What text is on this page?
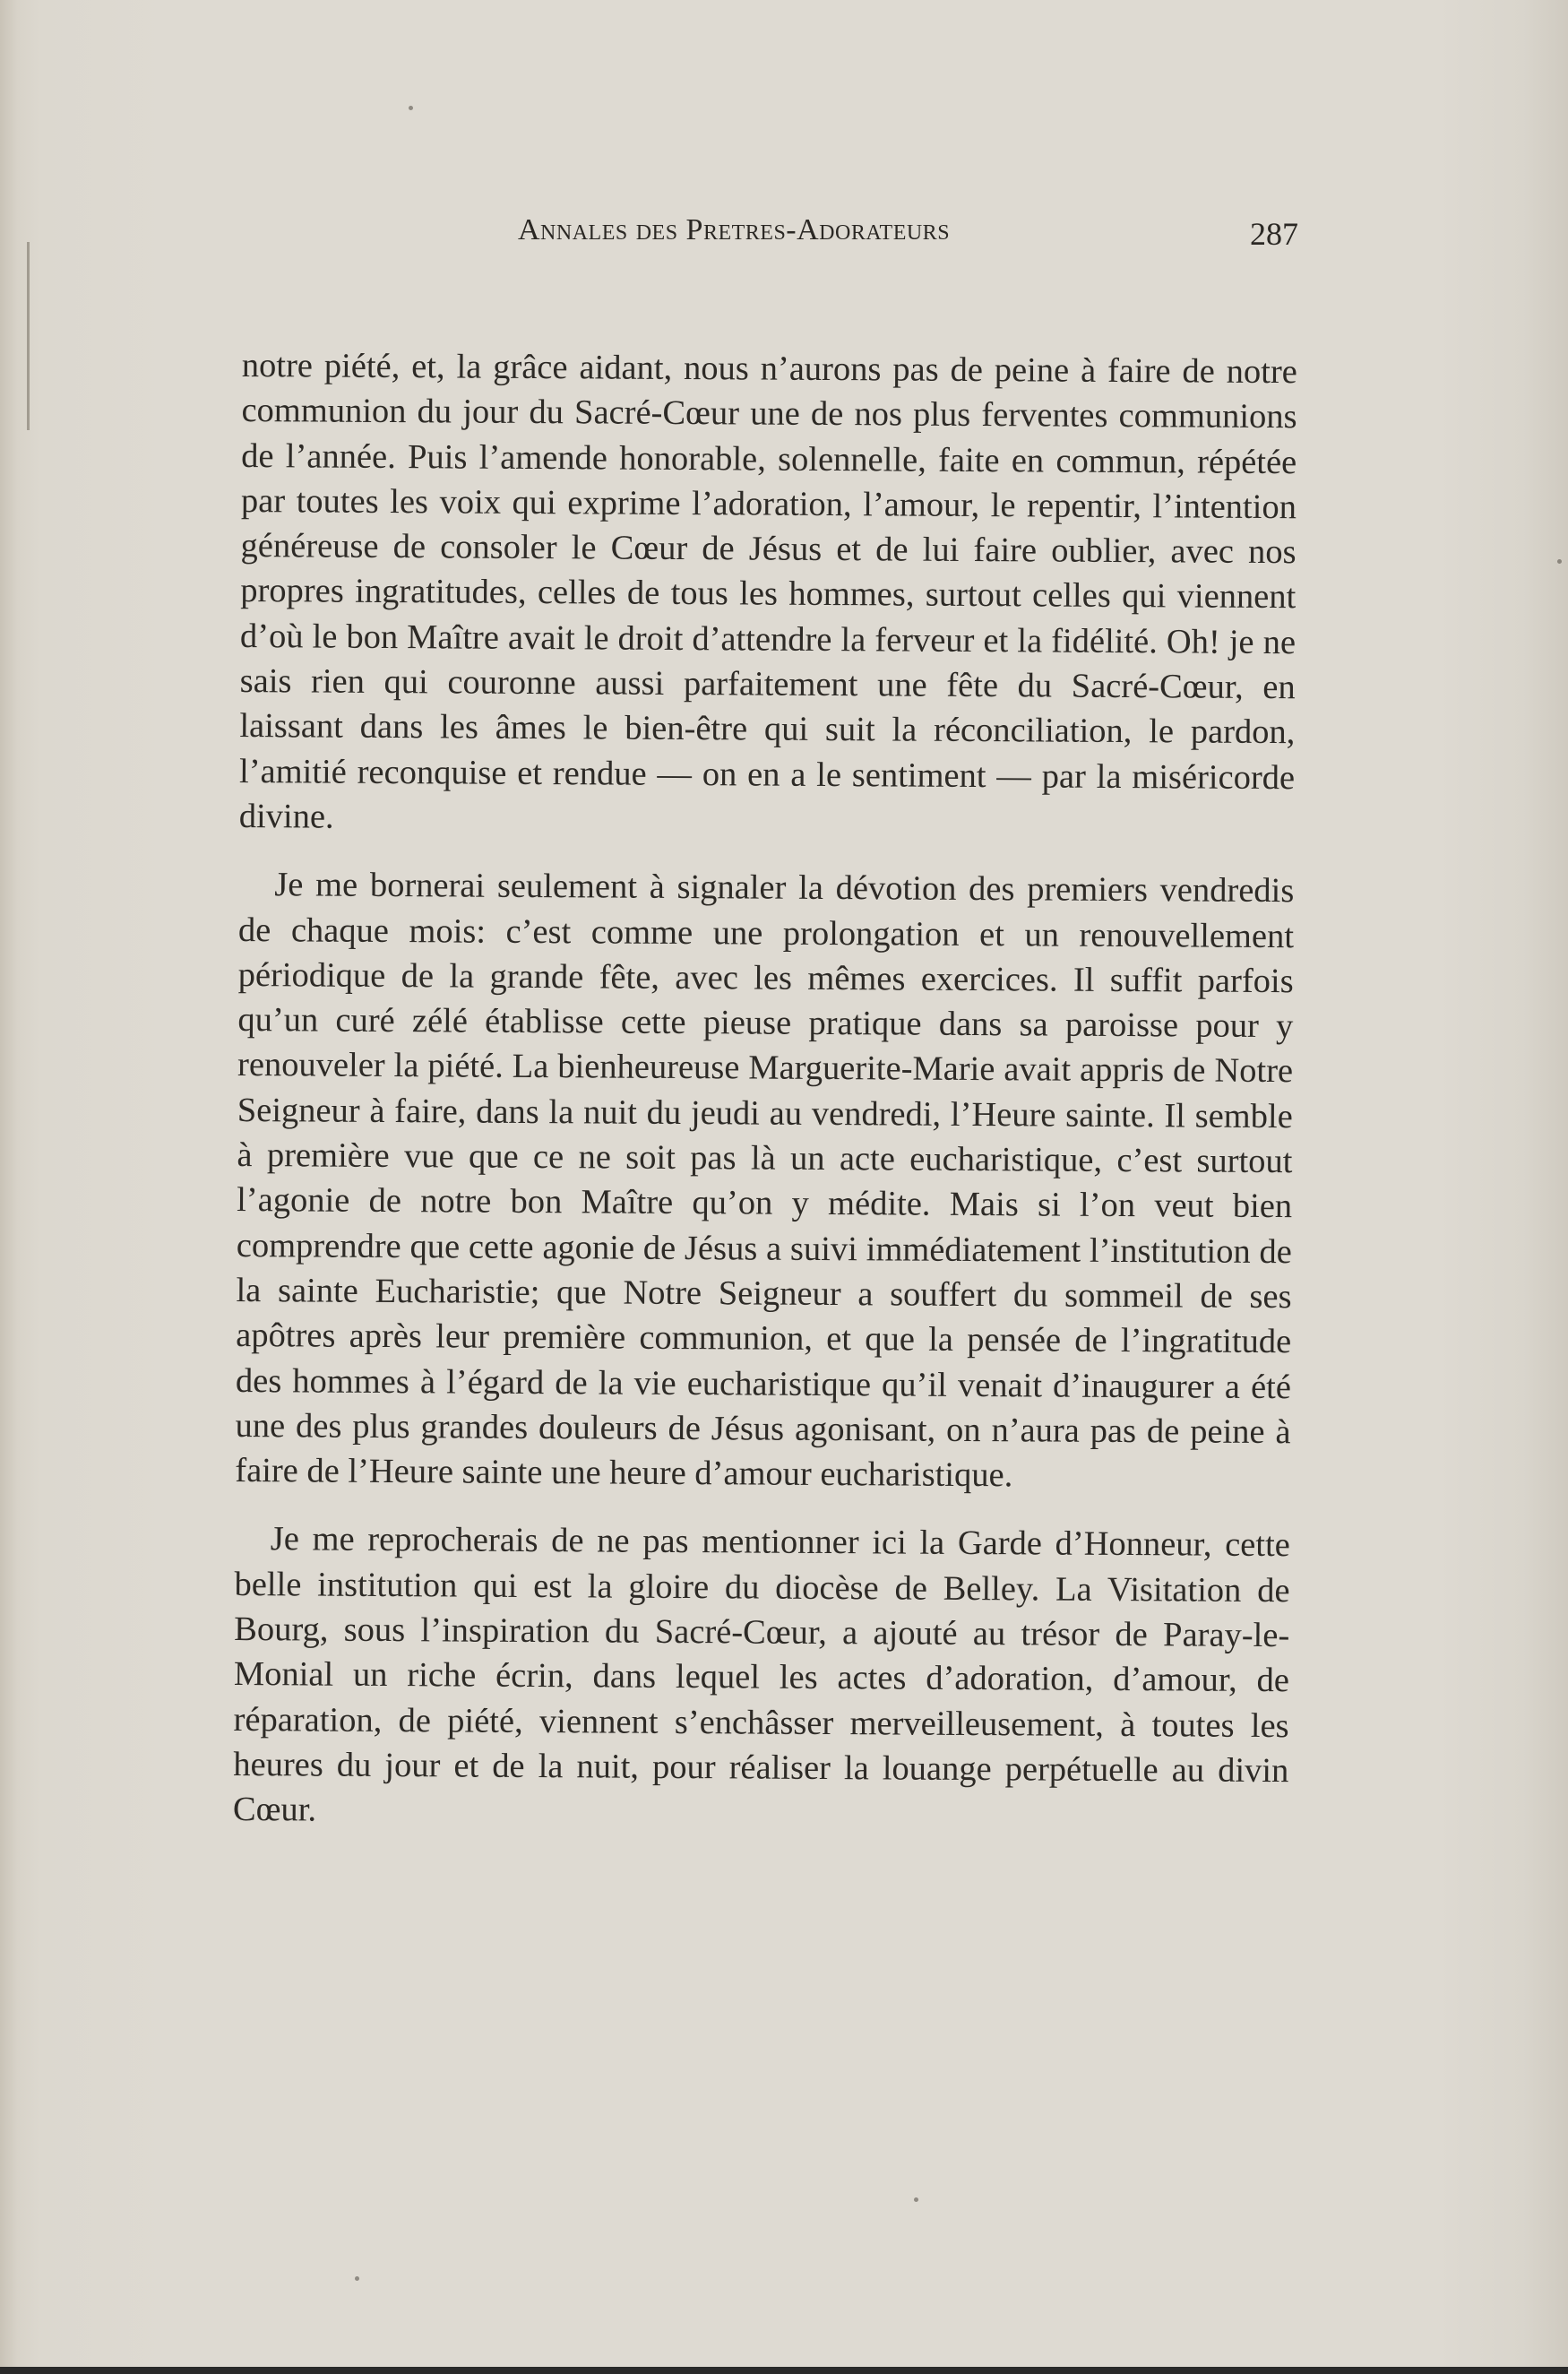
Annales des Pretres-Adorateurs	287

notre piété, et, la grâce aidant, nous n’aurons pas de peine à faire de notre communion du jour du Sacré-Cœur une de nos plus ferventes communions de l’année. Puis l’amende honorable, solennelle, faite en commun, répétée par toutes les voix qui exprime l’adoration, l’amour, le repentir, l’intention généreuse de consoler le Cœur de Jésus et de lui faire oublier, avec nos propres ingratitudes, celles de tous les hommes, surtout celles qui viennent d’où le bon Maître avait le droit d’attendre la ferveur et la fidélité. Oh! je ne sais rien qui couronne aussi parfaitement une fête du Sacré-Cœur, en laissant dans les âmes le bien-être qui suit la réconciliation, le pardon, l’amitié reconquise et rendue — on en a le sentiment — par la miséricorde divine.

Je me bornerai seulement à signaler la dévotion des premiers vendredis de chaque mois: c’est comme une prolongation et un renouvellement périodique de la grande fête, avec les mêmes exercices. Il suffit parfois qu’un curé zélé établisse cette pieuse pratique dans sa paroisse pour y renouveler la piété. La bienheureuse Marguerite-Marie avait appris de Notre Seigneur à faire, dans la nuit du jeudi au vendredi, l’Heure sainte. Il semble à première vue que ce ne soit pas là un acte eucharistique, c’est surtout l’agonie de notre bon Maître qu’on y médite. Mais si l’on veut bien comprendre que cette agonie de Jésus a suivi immédiatement l’institution de la sainte Eucharistie; que Notre Seigneur a souffert du sommeil de ses apôtres après leur première communion, et que la pensée de l’ingratitude des hommes à l’égard de la vie eucharistique qu’il venait d’inaugurer a été une des plus grandes douleurs de Jésus agonisant, on n’aura pas de peine à faire de l’Heure sainte une heure d’amour eucharistique.

Je me reprocherais de ne pas mentionner ici la Garde d’Honneur, cette belle institution qui est la gloire du diocèse de Belley. La Visitation de Bourg, sous l’inspiration du Sacré-Cœur, a ajouté au trésor de Paray-le-Monial un riche écrin, dans lequel les actes d’adoration, d’amour, de réparation, de piété, viennent s’enchâsser merveilleusement, à toutes les heures du jour et de la nuit, pour réaliser la louange perpétuelle au divin Cœur.
